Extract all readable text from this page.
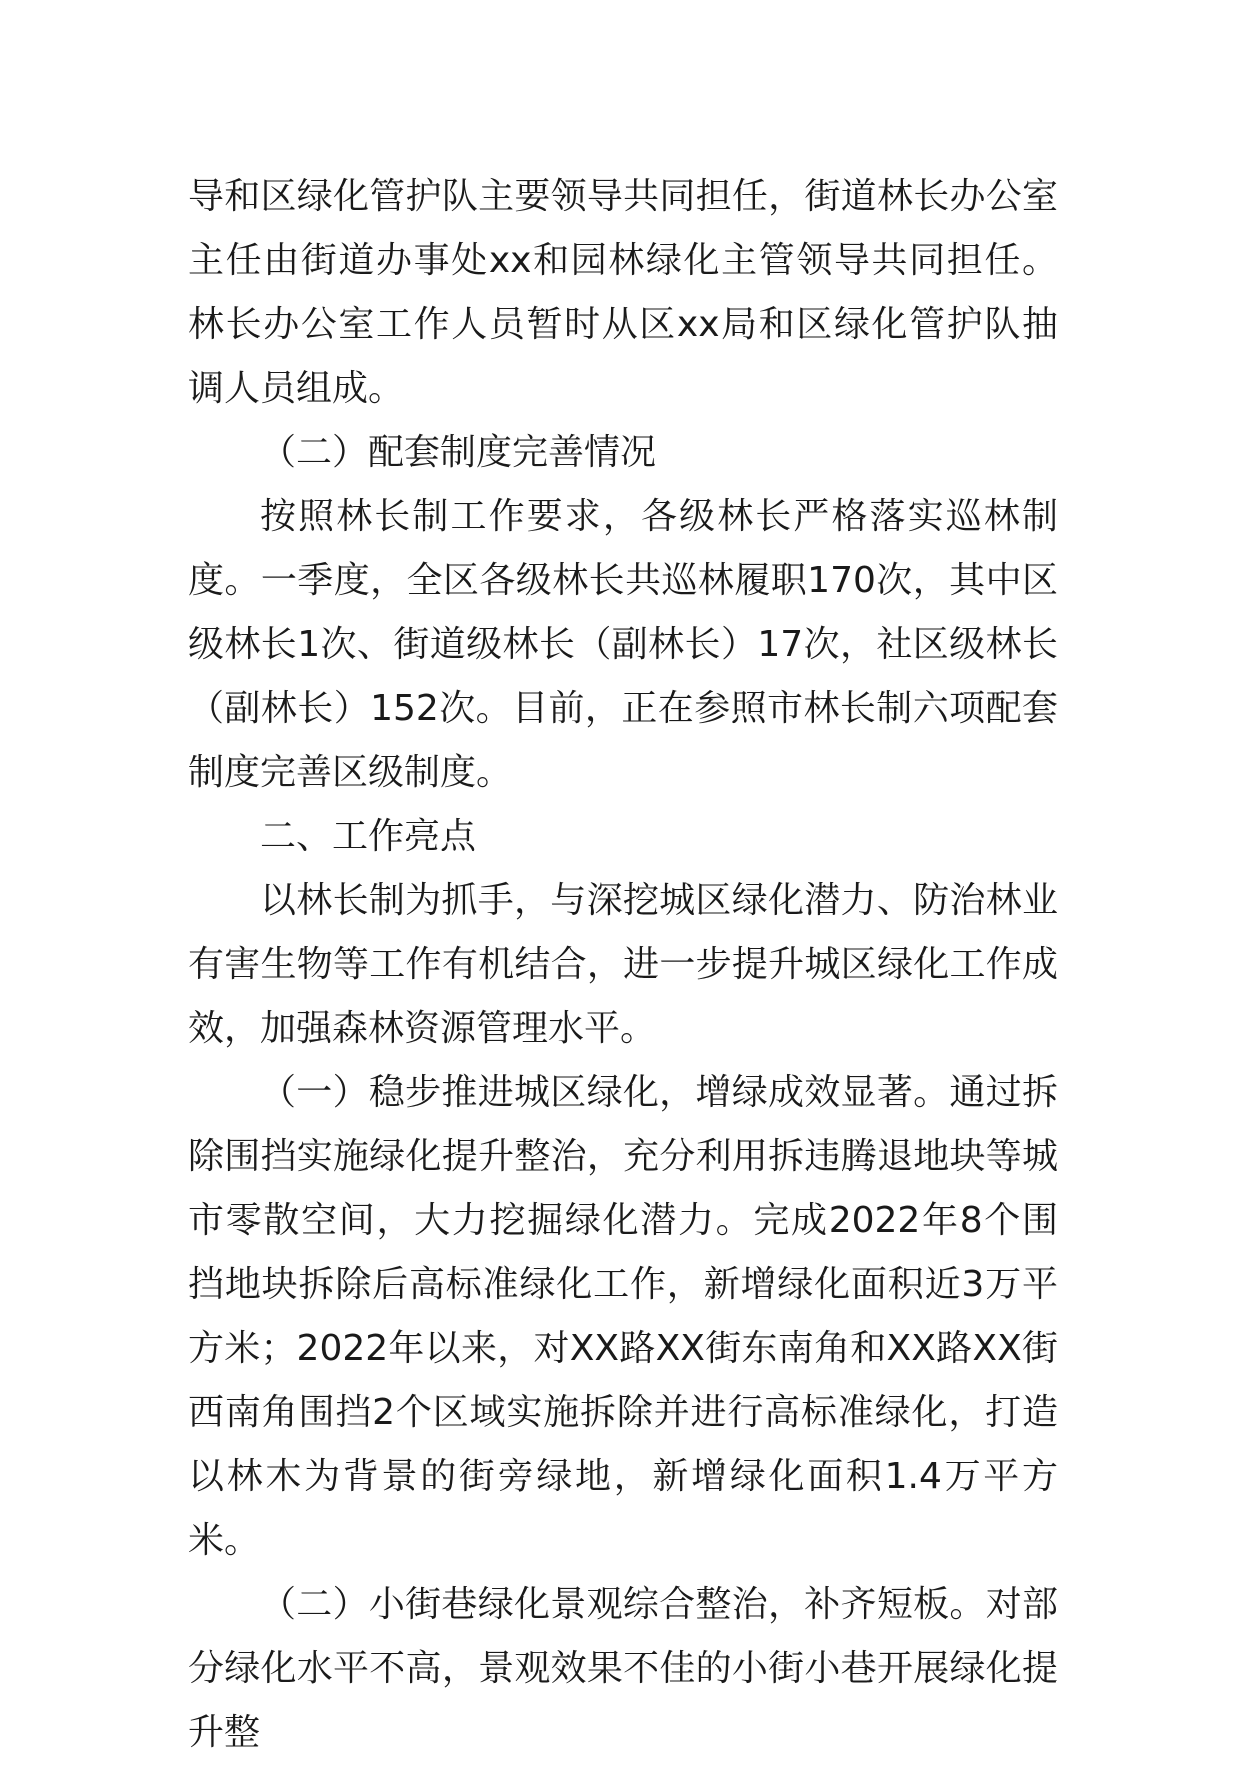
导和区绿化管护队主要领导共同担任，街道林长办公室主任由街道办事处xx和园林绿化主管领导共同担任。林长办公室工作人员暂时从区xx局和区绿化管护队抽调人员组成。

（二）配套制度完善情况

按照林长制工作要求，各级林长严格落实巡林制度。一季度，全区各级林长共巡林履职170次，其中区级林长1次、街道级林长（副林长）17次，社区级林长（副林长）152次。目前，正在参照市林长制六项配套制度完善区级制度。

二、工作亮点

以林长制为抓手，与深挖城区绿化潜力、防治林业有害生物等工作有机结合，进一步提升城区绿化工作成效，加强森林资源管理水平。

（一）稳步推进城区绿化，增绿成效显著。通过拆除围挡实施绿化提升整治，充分利用拆违腾退地块等城市零散空间，大力挖掘绿化潜力。完成2022年8个围挡地块拆除后高标准绿化工作，新增绿化面积近3万平方米；2022年以来，对XX路XX街东南角和XX路XX街西南角围挡2个区域实施拆除并进行高标准绿化，打造以林木为背景的街旁绿地，新增绿化面积1.4万平方米。

（二）小街巷绿化景观综合整治，补齐短板。对部分绿化水平不高，景观效果不佳的小街小巷开展绿化提升整
